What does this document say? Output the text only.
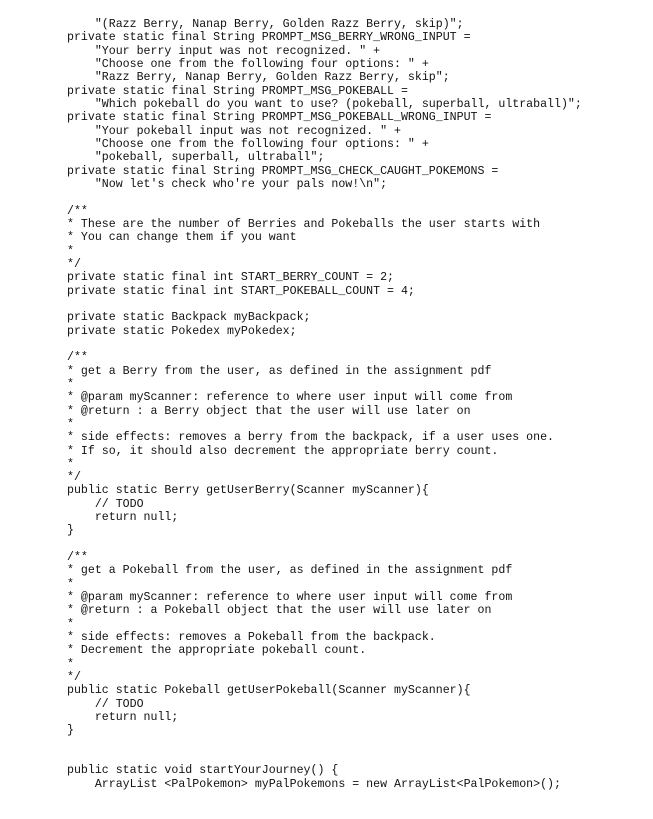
"(Razz Berry, Nanap Berry, Golden Razz Berry, skip)";
private static final String PROMPT_MSG_BERRY_WRONG_INPUT =
"Your berry input was not recognized. " +
"Choose one from the following four options: " +
"Razz Berry, Nanap Berry, Golden Razz Berry, skip";
private static final String PROMPT_MSG_POKEBALL =
"Which pokeball do you want to use? (pokeball, superball, ultraball)";
private static final String PROMPT_MSG_POKEBALL_WRONG_INPUT =
"Your pokeball input was not recognized. " +
"Choose one from the following four options: " +
"pokeball, superball, ultraball";
private static final String PROMPT_MSG_CHECK_CAUGHT_POKEMONS =
"Now let's check who're your pals now!\n";
/**
* These are the number of Berries and Pokeballs the user starts with
* You can change them if you want
*
*/
private static final int START_BERRY_COUNT = 2;
private static final int START_POKEBALL_COUNT = 4;
private static Backpack myBackpack;
private static Pokedex myPokedex;
/**
* get a Berry from the user, as defined in the assignment pdf
*
* @param myScanner: reference to where user input will come from
* @return : a Berry object that the user will use later on
*
* side effects: removes a berry from the backpack, if a user uses one.
* If so, it should also decrement the appropriate berry count.
*
*/
public static Berry getUserBerry(Scanner myScanner){
// TODO
return null;
}
/**
* get a Pokeball from the user, as defined in the assignment pdf
*
* @param myScanner: reference to where user input will come from
* @return : a Pokeball object that the user will use later on
*
* side effects: removes a Pokeball from the backpack.
* Decrement the appropriate pokeball count.
*
*/
public static Pokeball getUserPokeball(Scanner myScanner){
// TODO
return null;
}
public static void startYourJourney() {
ArrayList <PalPokemon> myPalPokemons = new ArrayList<PalPokemon>();
